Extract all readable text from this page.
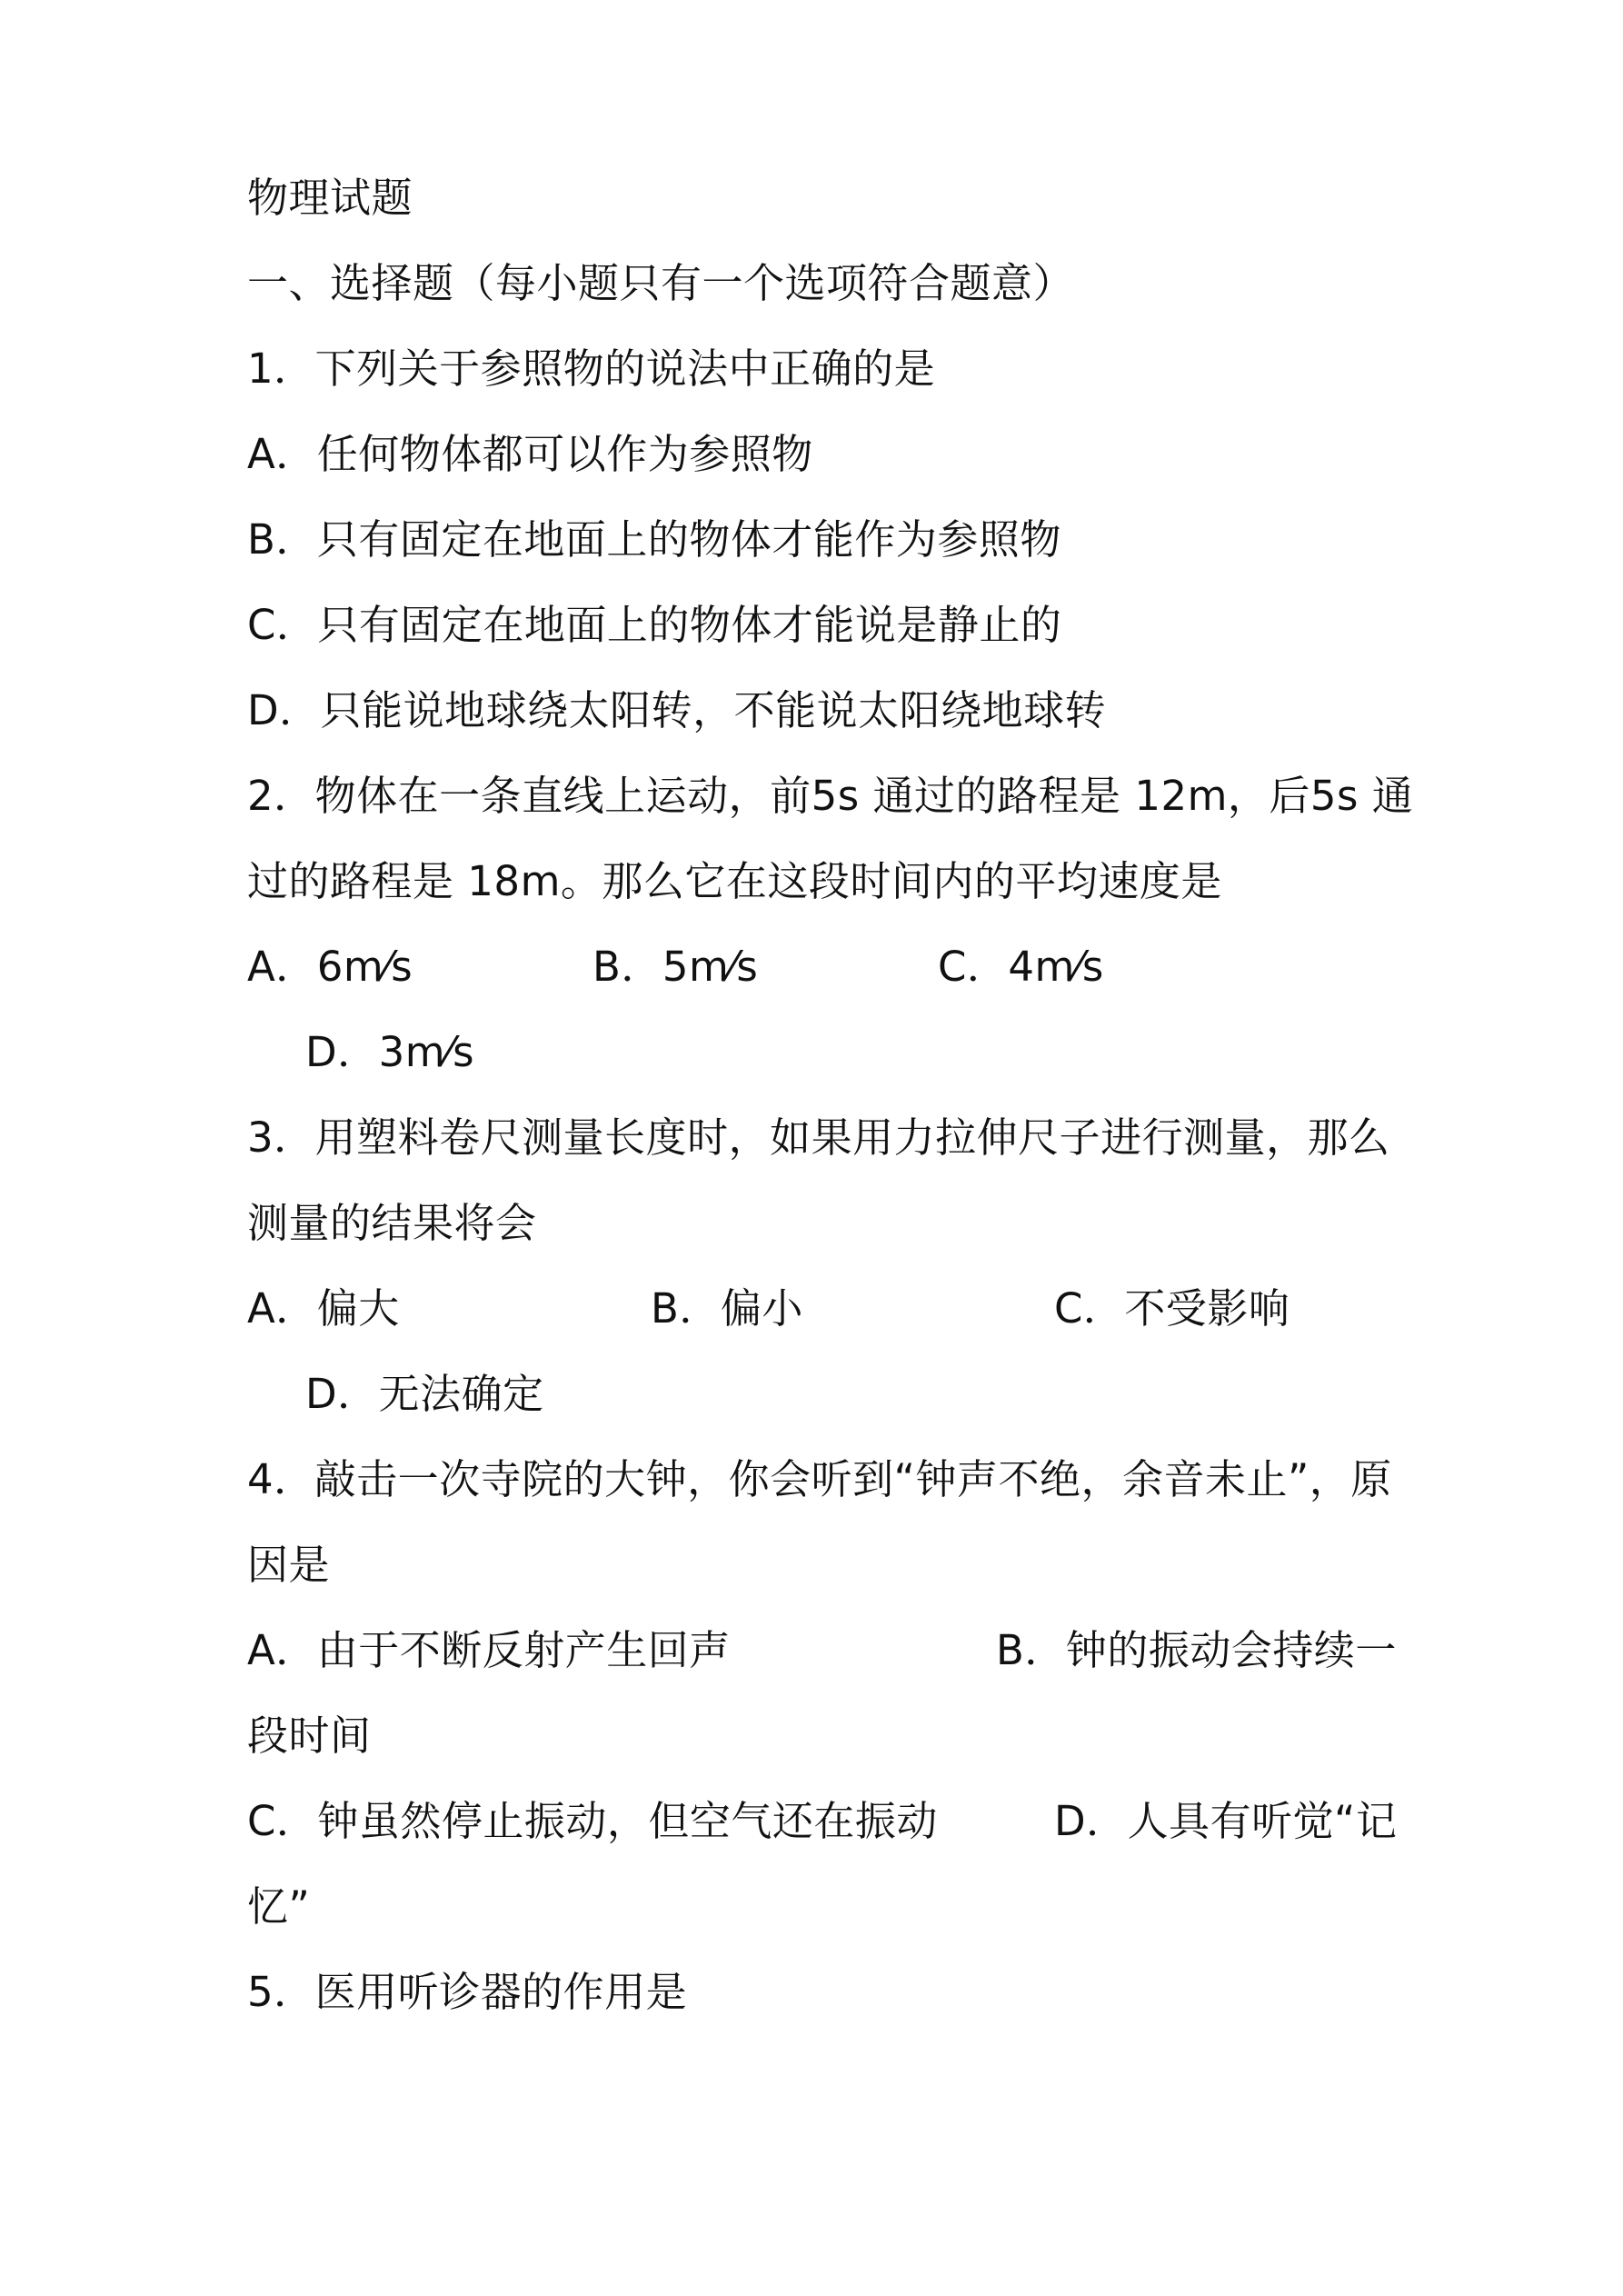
物理试题
一、选择题（每小题只有一个选项符合题意）
1．下列关于参照物的说法中正确的是
A．任何物体都可以作为参照物
B．只有固定在地面上的物体才能作为参照物
C．只有固定在地面上的物体才能说是静止的
D．只能说地球绕太阳转，不能说太阳绕地球转
2．物体在一条直线上运动，前5s 通过的路程是 12m，后5s 通
过的路程是 18m。那么它在这段时间内的平均速度是
A．6m⁄s	B．5m⁄s	C．4m⁄s
D．3m⁄s
3．用塑料卷尺测量长度时，如果用力拉伸尺子进行测量，那么
测量的结果将会
A．偏大	B．偏小	C．不受影响
D．无法确定
4．敲击一次寺院的大钟，你会听到“钟声不绝，余音未止”，原
因是
A．由于不断反射产生回声	B．钟的振动会持续一
段时间
C．钟虽然停止振动，但空气还在振动	D．人具有听觉“记
忆”
5．医用听诊器的作用是
